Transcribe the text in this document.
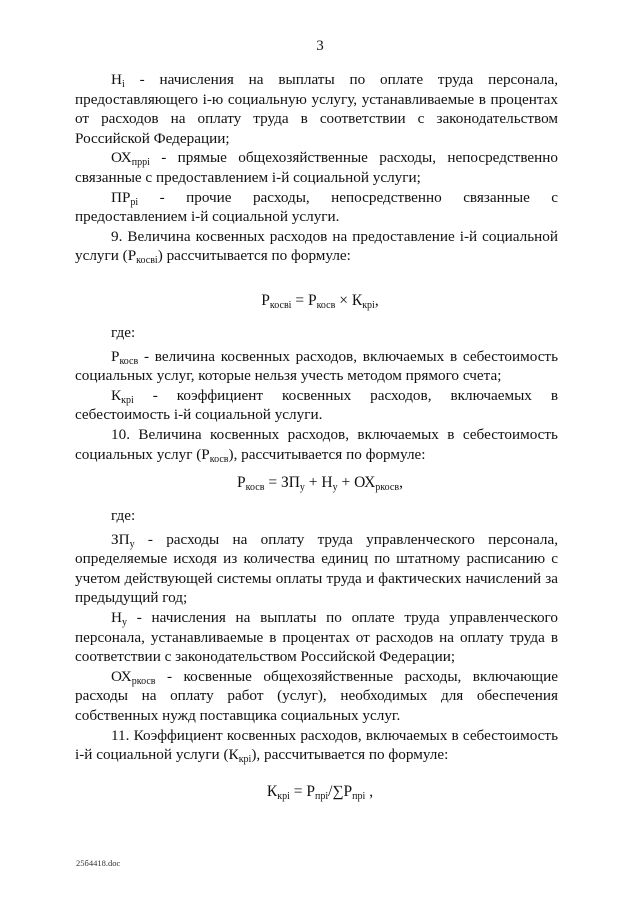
3

$Н_i$ - начисления на выплаты по оплате труда персонала, предоставляющего i-ю социальную услугу, устанавливаемые в процентах от расходов на оплату труда в соответствии с законодательством Российской Федерации;

$ОХ_{прpi}$ - прямые общехозяйственные расходы, непосредственно связанные с предоставлением i-й социальной услуги;

$ПР_{pi}$ - прочие расходы, непосредственно связанные с предоставлением i-й социальной услуги.

9. Величина косвенных расходов на предоставление i-й социальной услуги $(Р_{косвi})$ рассчитывается по формуле:

$Р_{косвi} = Р_{косв} \times К_{крi}$,

где:

$Р_{косв}$ - величина косвенных расходов, включаемых в себестоимость социальных услуг, которые нельзя учесть методом прямого счета;

$К_{крi}$ - коэффициент косвенных расходов, включаемых в себестоимость i-й социальной услуги.

10. Величина косвенных расходов, включаемых в себестоимость социальных услуг $(Р_{косв})$, рассчитывается по формуле:

$Р_{косв} = ЗП_у + Н_у + ОХ_{ркосв}$,

где:

$ЗП_у$ - расходы на оплату труда управленческого персонала, определяемые исходя из количества единиц по штатному расписанию с учетом действующей системы оплаты труда и фактических начислений за предыдущий год;

$Н_у$ - начисления на выплаты по оплате труда управленческого персонала, устанавливаемые в процентах от расходов на оплату труда в соответствии с законодательством Российской Федерации;

$ОХ_{ркосв}$ - косвенные общехозяйственные расходы, включающие расходы на оплату работ (услуг), необходимых для обеспечения собственных нужд поставщика социальных услуг.

11. Коэффициент косвенных расходов, включаемых в себестоимость i-й социальной услуги $(К_{крi})$, рассчитывается по формуле:

$К_{крi} = Р_{прi}/\sum Р_{прi}$ ,
25б4418.doc
